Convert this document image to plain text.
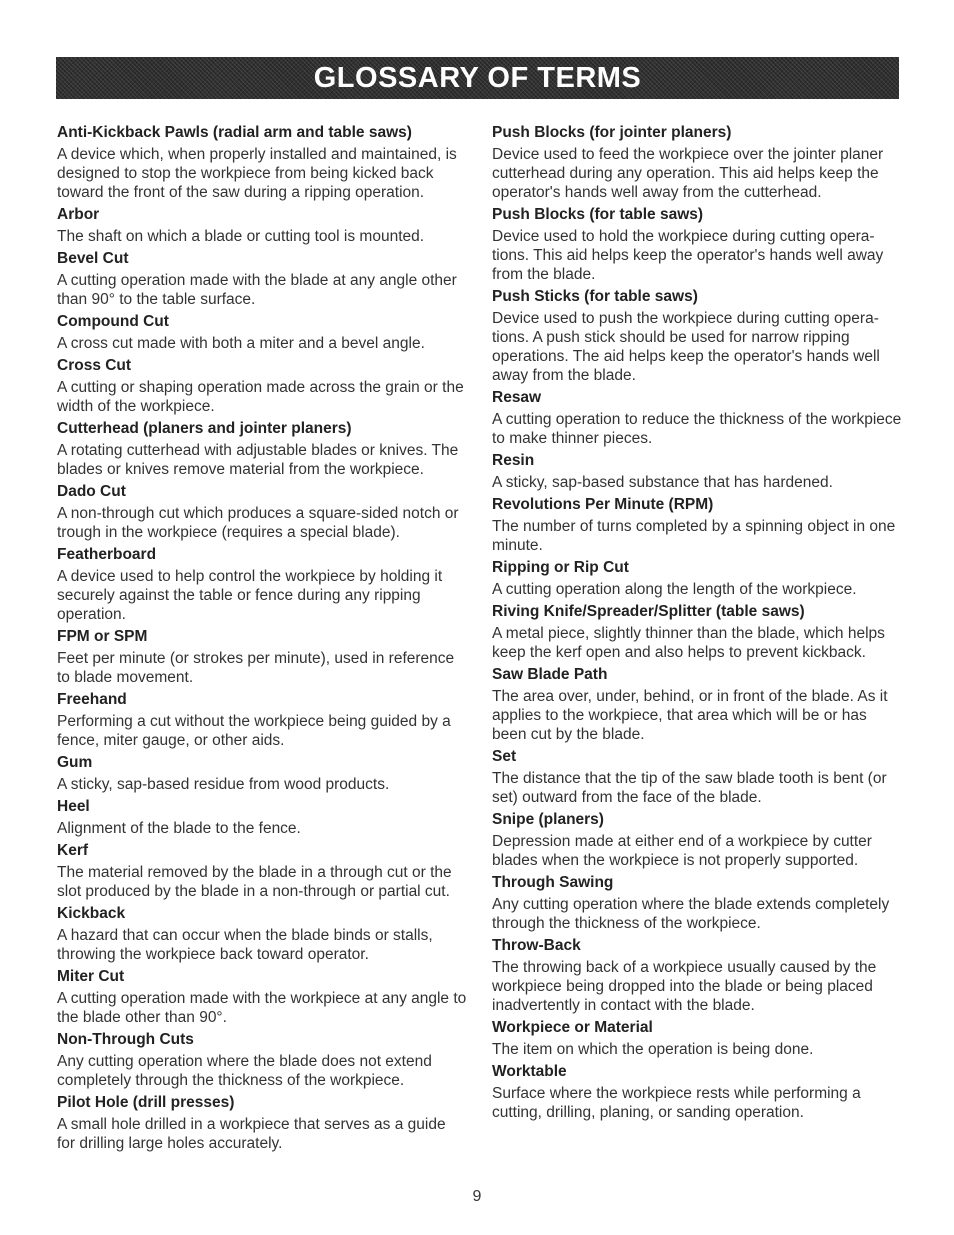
GLOSSARY OF TERMS
Anti-Kickback Pawls (radial arm and table saws)
A device which, when properly installed and maintained, is designed to stop the workpiece from being kicked back toward the front of the saw during a ripping operation.
Arbor
The shaft on which a blade or cutting tool is mounted.
Bevel Cut
A cutting operation made with the blade at any angle other than 90° to the table surface.
Compound Cut
A cross cut made with both a miter and a bevel angle.
Cross Cut
A cutting or shaping operation made across the grain or the width of the workpiece.
Cutterhead (planers and jointer planers)
A rotating cutterhead with adjustable blades or knives. The blades or knives remove material from the workpiece.
Dado Cut
A non-through cut which produces a square-sided notch or trough in the workpiece (requires a special blade).
Featherboard
A device used to help control the workpiece by holding it securely against the table or fence during any ripping operation.
FPM or SPM
Feet per minute (or strokes per minute), used in reference to blade movement.
Freehand
Performing a cut without the workpiece being guided by a fence, miter gauge, or other aids.
Gum
A sticky, sap-based residue from wood products.
Heel
Alignment of the blade to the fence.
Kerf
The material removed by the blade in a through cut or the slot produced by the blade in a non-through or partial cut.
Kickback
A hazard that can occur when the blade binds or stalls, throwing the workpiece back toward operator.
Miter Cut
A cutting operation made with the workpiece at any angle to the blade other than 90°.
Non-Through Cuts
Any cutting operation where the blade does not extend completely through the thickness of the workpiece.
Pilot Hole (drill presses)
A small hole drilled in a workpiece that serves as a guide for drilling large holes accurately.
Push Blocks (for jointer planers)
Device used to feed the workpiece over the jointer planer cutterhead during any operation. This aid helps keep the operator's hands well away from the cutterhead.
Push Blocks (for table saws)
Device used to hold the workpiece during cutting opera- tions. This aid helps keep the operator's hands well away from the blade.
Push Sticks (for table saws)
Device used to push the workpiece during cutting opera- tions. A push stick should be used for narrow ripping operations. The aid helps keep the operator's hands well away from the blade.
Resaw
A cutting operation to reduce the thickness of the workpiece to make thinner pieces.
Resin
A sticky, sap-based substance that has hardened.
Revolutions Per Minute (RPM)
The number of turns completed by a spinning object in one minute.
Ripping or Rip Cut
A cutting operation along the length of the workpiece.
Riving Knife/Spreader/Splitter (table saws)
A metal piece, slightly thinner than the blade, which helps keep the kerf open and also helps to prevent kickback.
Saw Blade Path
The area over, under, behind, or in front of the blade. As it applies to the workpiece, that area which will be or has been cut by the blade.
Set
The distance that the tip of the saw blade tooth is bent (or set) outward from the face of the blade.
Snipe (planers)
Depression made at either end of a workpiece by cutter blades when the workpiece is not properly supported.
Through Sawing
Any cutting operation where the blade extends completely through the thickness of the workpiece.
Throw-Back
The throwing back of a workpiece usually caused by the workpiece being dropped into the blade or being placed inadvertently in contact with the blade.
Workpiece or Material
The item on which the operation is being done.
Worktable
Surface where the workpiece rests while performing a cutting, drilling, planing, or sanding operation.
9
